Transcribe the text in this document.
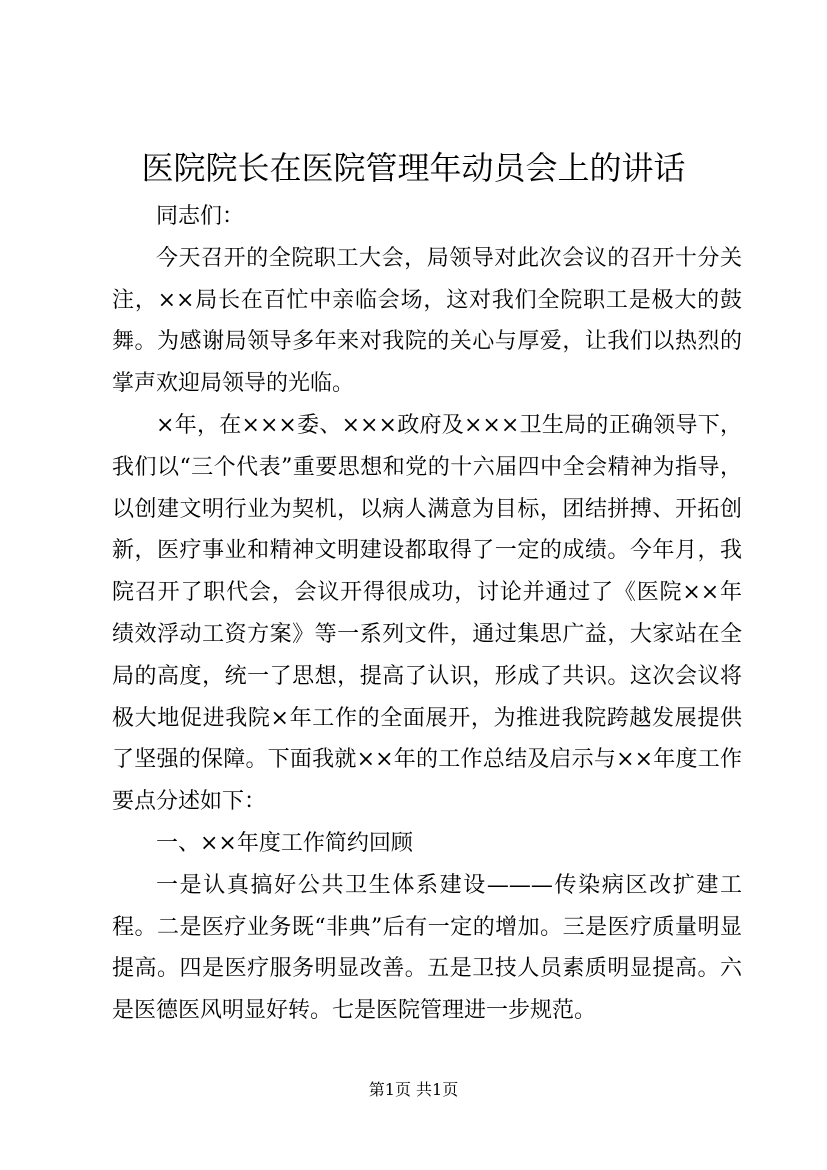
医院院长在医院管理年动员会上的讲话

同志们：

今天召开的全院职工大会，局领导对此次会议的召开十分关注，××局长在百忙中亲临会场，这对我们全院职工是极大的鼓舞。为感谢局领导多年来对我院的关心与厚爱，让我们以热烈的掌声欢迎局领导的光临。

×年，在×××委、×××政府及×××卫生局的正确领导下，我们以“三个代表”重要思想和党的十六届四中全会精神为指导，以创建文明行业为契机，以病人满意为目标，团结拼搏、开拓创新，医疗事业和精神文明建设都取得了一定的成绩。今年月，我院召开了职代会，会议开得很成功，讨论并通过了《医院××年绩效浮动工资方案》等一系列文件，通过集思广益，大家站在全局的高度，统一了思想，提高了认识，形成了共识。这次会议将极大地促进我院×年工作的全面展开，为推进我院跨越发展提供了坚强的保障。下面我就××年的工作总结及启示与××年度工作要点分述如下：

一、××年度工作简约回顾

一是认真搞好公共卫生体系建设———传染病区改扩建工程。二是医疗业务既“非典”后有一定的增加。三是医疗质量明显提高。四是医疗服务明显改善。五是卫技人员素质明显提高。六是医德医风明显好转。七是医院管理进一步规范。

第1页 共1页
